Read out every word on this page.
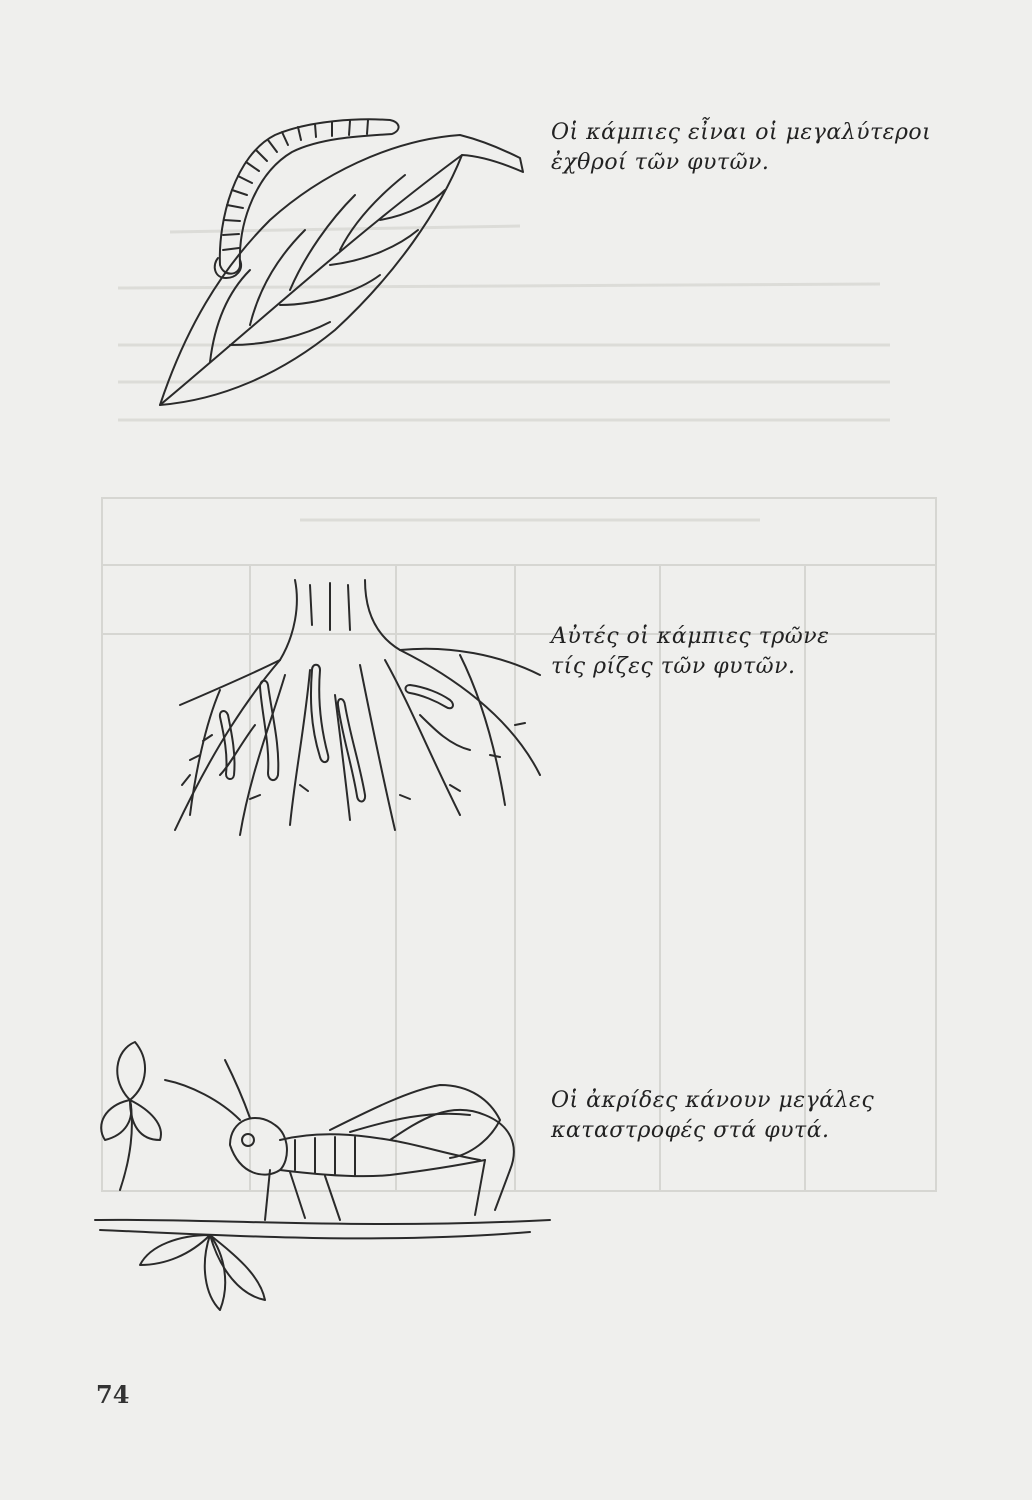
Οἱ κάμπιες εἶναι οἱ μεγαλύτεροι
ἐχθροί τῶν φυτῶν.

Αὐτές οἱ κάμπιες τρῶνε
τίς ρίζες τῶν φυτῶν.

Οἱ ἀκρίδες κάνουν μεγάλες
καταστροφές στά φυτά.

74
